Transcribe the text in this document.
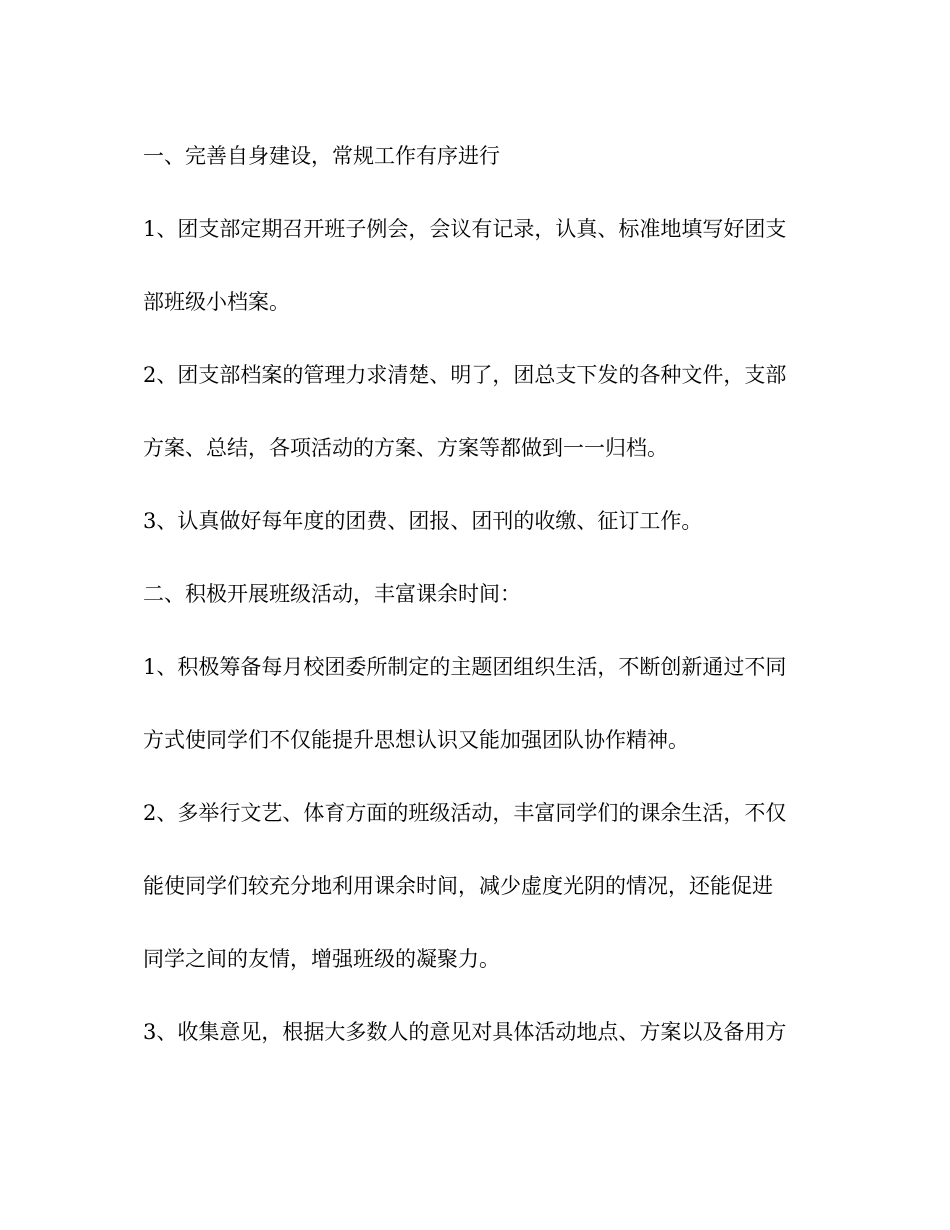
一、完善自身建设，常规工作有序进行
1、团支部定期召开班子例会，会议有记录，认真、标准地填写好团支
部班级小档案。
2、团支部档案的管理力求清楚、明了，团总支下发的各种文件，支部
方案、总结，各项活动的方案、方案等都做到一一归档。
3、认真做好每年度的团费、团报、团刊的收缴、征订工作。
二、积极开展班级活动，丰富课余时间：
1、积极筹备每月校团委所制定的主题团组织生活，不断创新通过不同
方式使同学们不仅能提升思想认识又能加强团队协作精神。
2、多举行文艺、体育方面的班级活动，丰富同学们的课余生活，不仅
能使同学们较充分地利用课余时间，减少虚度光阴的情况，还能促进
同学之间的友情，增强班级的凝聚力。
3、收集意见，根据大多数人的意见对具体活动地点、方案以及备用方
